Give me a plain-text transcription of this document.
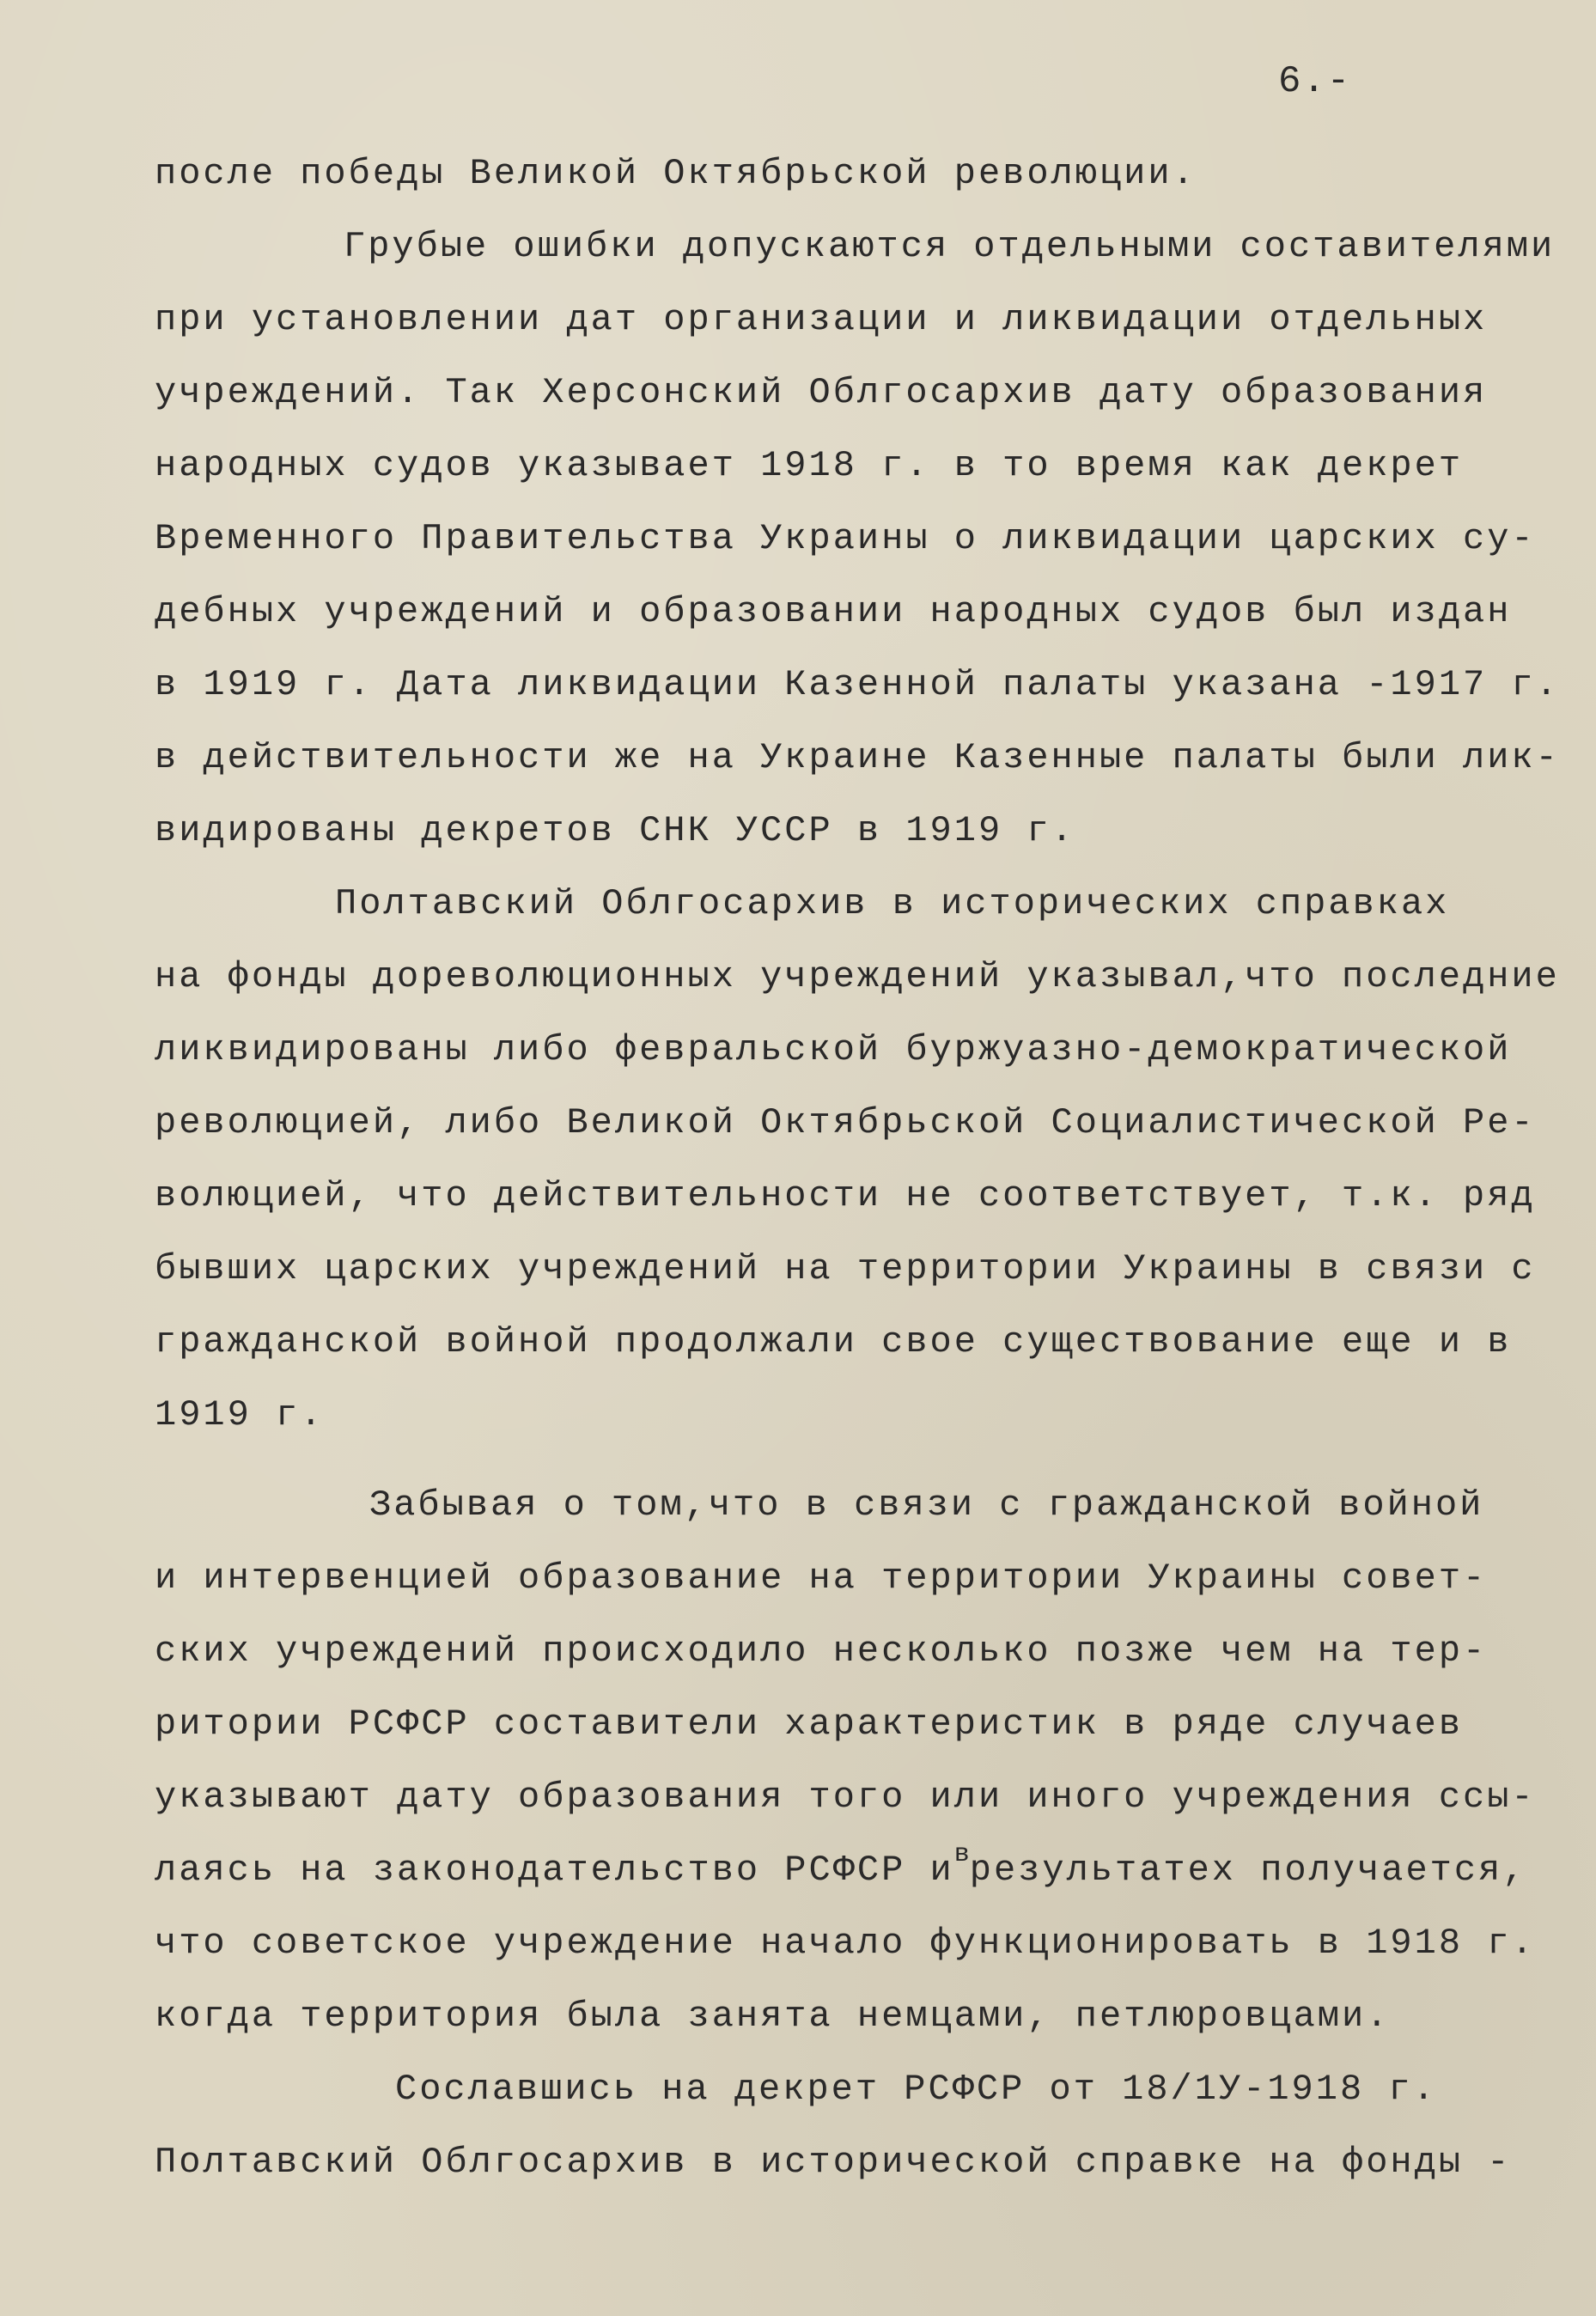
6.-
после победы Великой Октябрьской революции.
Грубые ошибки допускаются отдельными составителями
при установлении дат организации и ликвидации отдельных
учреждений. Так Херсонский Облгосархив дату образования
народных судов указывает 1918 г. в то время как декрет
Временного Правительства Украины о ликвидации царских су-
дебных учреждений и образовании народных судов был издан
в 1919 г. Дата ликвидации Казенной палаты указана -1917 г.
в действительности же на Украине Казенные палаты были лик-
видированы декретов СНК УССР в 1919 г.
Полтавский Облгосархив в исторических справках
на фонды дореволюционных учреждений указывал,что последние
ликвидированы либо февральской буржуазно-демократической
революцией, либо Великой Октябрьской Социалистической Ре-
волюцией, что действительности не соответствует, т.к. ряд
бывших царских учреждений на территории Украины в связи с
гражданской войной продолжали свое существование еще и в
1919 г.
Забывая о том,что в связи с гражданской войной
и интервенцией образование на территории Украины совет-
ских учреждений происходило несколько позже чем на тер-
ритории РСФСР составители характеристик в ряде случаев
указывают дату образования того или иного учреждения ссы-
лаясь на законодательство РСФСР $и^врезультатех$ получается,
что советское учреждение начало функционировать в 1918 г.
когда территория была занята немцами, петлюровцами.
Сославшись на декрет РСФСР от 18/1У-1918 г.
Полтавский Облгосархив в исторической справке на фонды -
